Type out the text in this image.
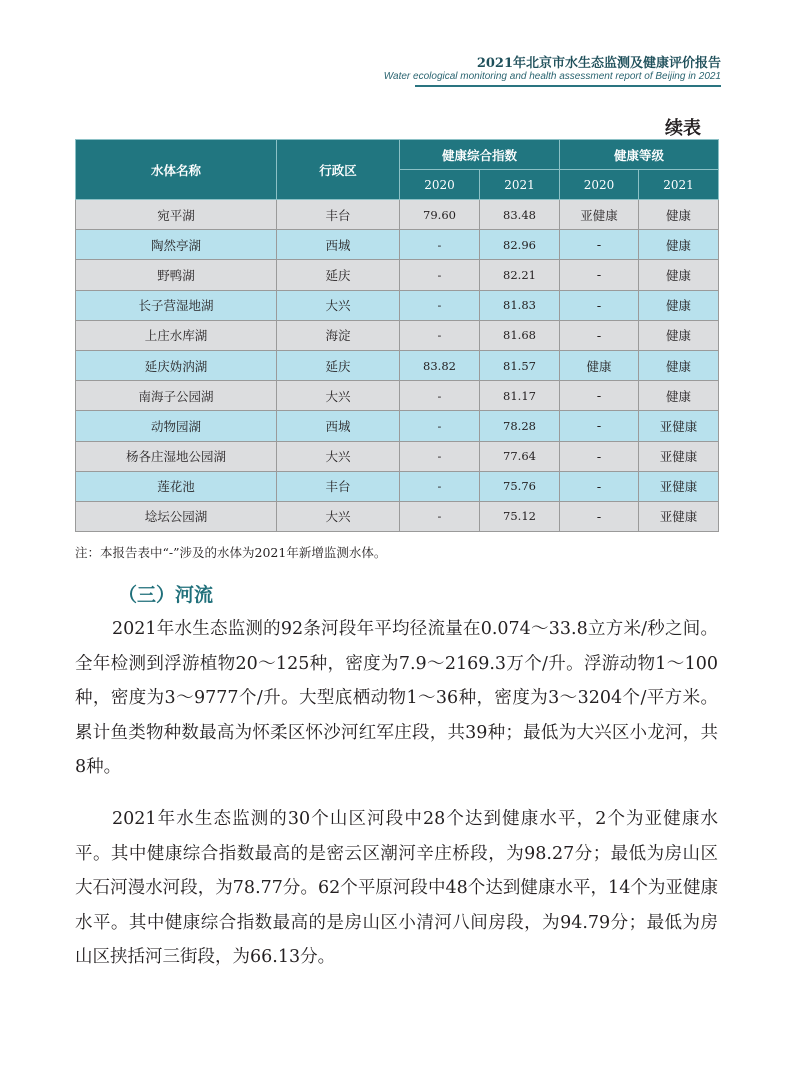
2021年北京市水生态监测及健康评价报告
Water ecological monitoring and health assessment report of Beijing in 2021
续表
水体名称	行政区	健康综合指数		健康等级	
		2020	2021	2020	2021
宛平湖	丰台	79.60	83.48	亚健康	健康
陶然亭湖	西城	-	82.96	-	健康
野鸭湖	延庆	-	82.21	-	健康
长子营湿地湖	大兴	-	81.83	-	健康
上庄水库湖	海淀	-	81.68	-	健康
延庆妫汭湖	延庆	83.82	81.57	健康	健康
南海子公园湖	大兴	-	81.17	-	健康
动物园湖	西城	-	78.28	-	亚健康
杨各庄湿地公园湖	大兴	-	77.64	-	亚健康
莲花池	丰台	-	75.76	-	亚健康
埝坛公园湖	大兴	-	75.12	-	亚健康
注：本报告表中“-”涉及的水体为2021年新增监测水体。
（三）河流

2021年水生态监测的92条河段年平均径流量在0.074～33.8立方米/秒之间。全年检测到浮游植物20～125种，密度为7.9～2169.3万个/升。浮游动物1～100种，密度为3～9777个/升。大型底栖动物1～36种，密度为3～3204个/平方米。累计鱼类物种数最高为怀柔区怀沙河红军庄段，共39种；最低为大兴区小龙河，共8种。

2021年水生态监测的30个山区河段中28个达到健康水平，2个为亚健康水平。其中健康综合指数最高的是密云区潮河辛庄桥段，为98.27分；最低为房山区大石河漫水河段，为78.77分。62个平原河段中48个达到健康水平，14个为亚健康水平。其中健康综合指数最高的是房山区小清河八间房段，为94.79分；最低为房山区挟括河三街段，为66.13分。
